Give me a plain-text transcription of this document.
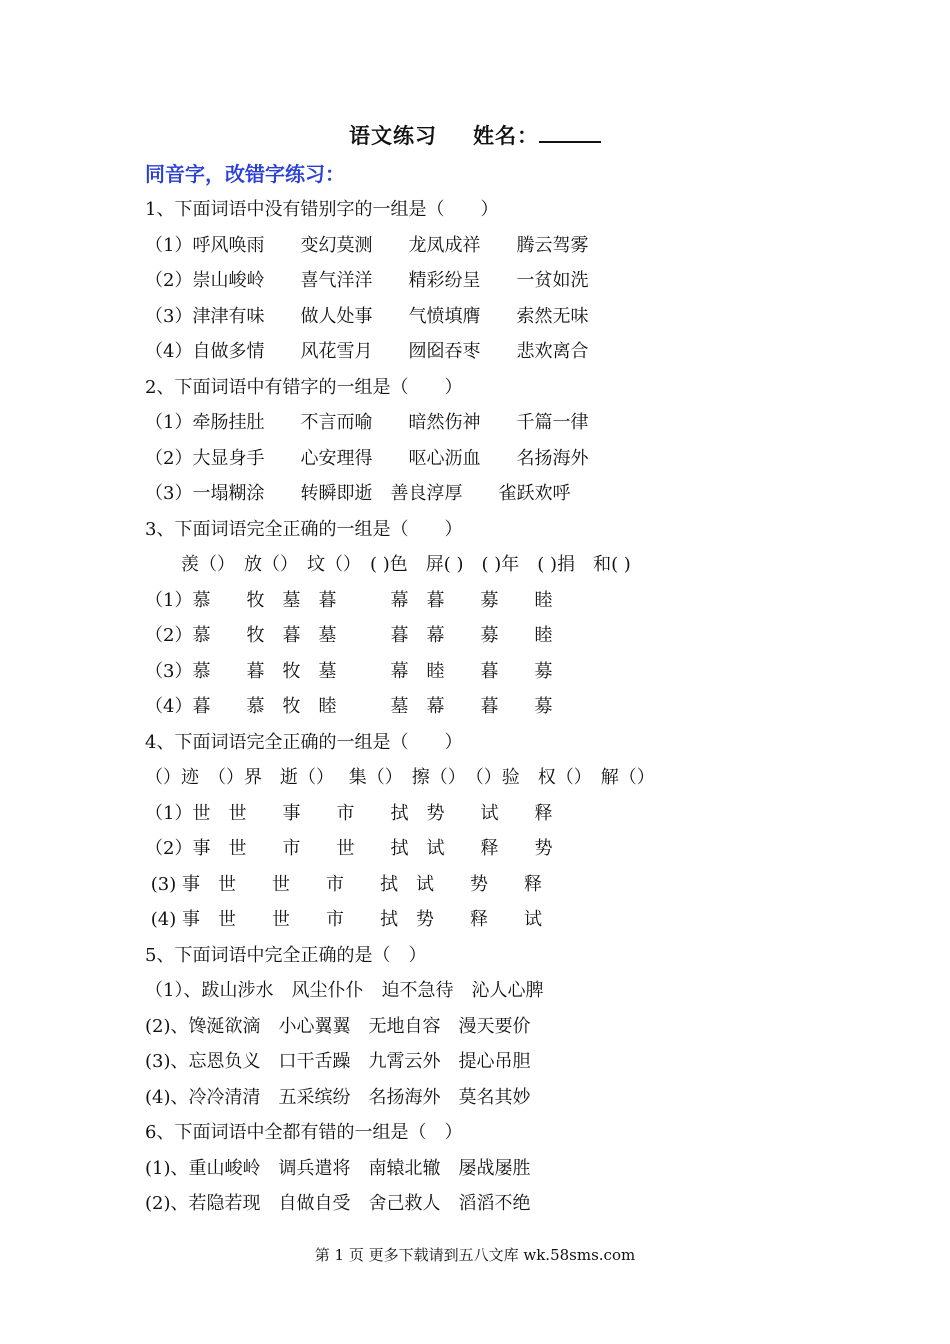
语文练习 姓名：
同音字，改错字练习：
1、下面词语中没有错别字的一组是（　　）
（1）呼风唤雨　　变幻莫测　　龙凤成祥　　腾云驾雾
（2）崇山峻岭　　喜气洋洋　　精彩纷呈　　一贫如洗
（3）津津有味　　做人处事　　气愤填膺　　索然无味
（4）自做多情　　风花雪月　　囫囵吞枣　　悲欢离合
2、下面词语中有错字的一组是（　　）
（1）牵肠挂肚　　不言而喻　　暗然伤神　　千篇一律
（2）大显身手　　心安理得　　呕心沥血　　名扬海外
（3）一塌糊涂　　转瞬即逝　善良淳厚　　雀跃欢呼
3、下面词语完全正确的一组是（　　）
　　羡（）　放（）　坟（）　( )色　屏( )　( )年　( )捐　和( )
（1）慕　　牧　墓　暮　　　幕　暮　　募　　睦
（2）慕　　牧　暮　墓　　　暮　幕　　募　　睦
（3）慕　　暮　牧　墓　　　幕　睦　　暮　　募
（4）暮　　慕　牧　睦　　　墓　幕　　暮　　募
4、下面词语完全正确的一组是（　　）
（）迹　（）界　逝（）　 集（）　擦（）　（）验　权（）　解（）
（1）世　世　　事　　市　　拭　势　　试　　释
（2）事　世　　市　　世　　拭　试　　释　　势
(3) 事　世　　世　　市　　拭　试　　势　　释
(4) 事　世　　世　　市　　拭　势　　释　　试
5、下面词语中完全正确的是（　）
（1）、跋山涉水　风尘仆仆　迫不急待　沁人心脾
(2)、馋涎欲滴　小心翼翼　无地自容　漫天要价
(3)、忘恩负义　口干舌躁　九霄云外　提心吊胆
(4)、冷冷清清　五采缤纷　名扬海外　莫名其妙
6、下面词语中全都有错的一组是（　）
(1)、重山峻岭　调兵遣将　南辕北辙　屡战屡胜
(2)、若隐若现　自做自受　舍己救人　滔滔不绝
第 1 页 更多下载请到五八文库 wk.58sms.com
